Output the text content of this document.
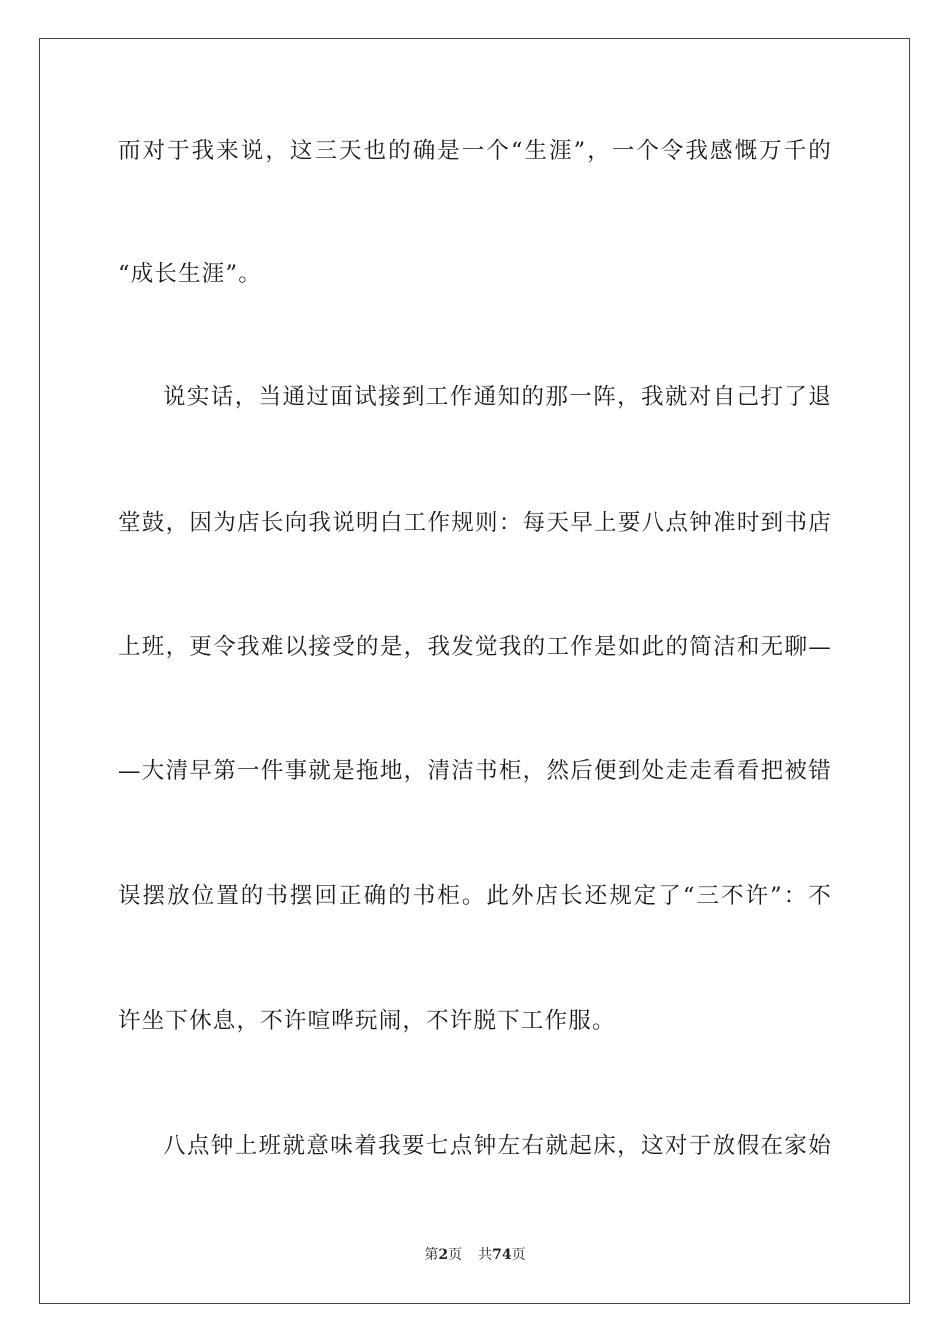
而对于我来说，这三天也的确是一个“生涯”，一个令我感慨万千的
“成长生涯”。
说实话，当通过面试接到工作通知的那一阵，我就对自己打了退
堂鼓，因为店长向我说明白工作规则：每天早上要八点钟准时到书店
上班，更令我难以接受的是，我发觉我的工作是如此的简洁和无聊—
—大清早第一件事就是拖地，清洁书柜，然后便到处走走看看把被错
误摆放位置的书摆回正确的书柜。此外店长还规定了“三不许”：不
许坐下休息，不许喧哗玩闹，不许脱下工作服。
八点钟上班就意味着我要七点钟左右就起床，这对于放假在家始
第2页 共74页
